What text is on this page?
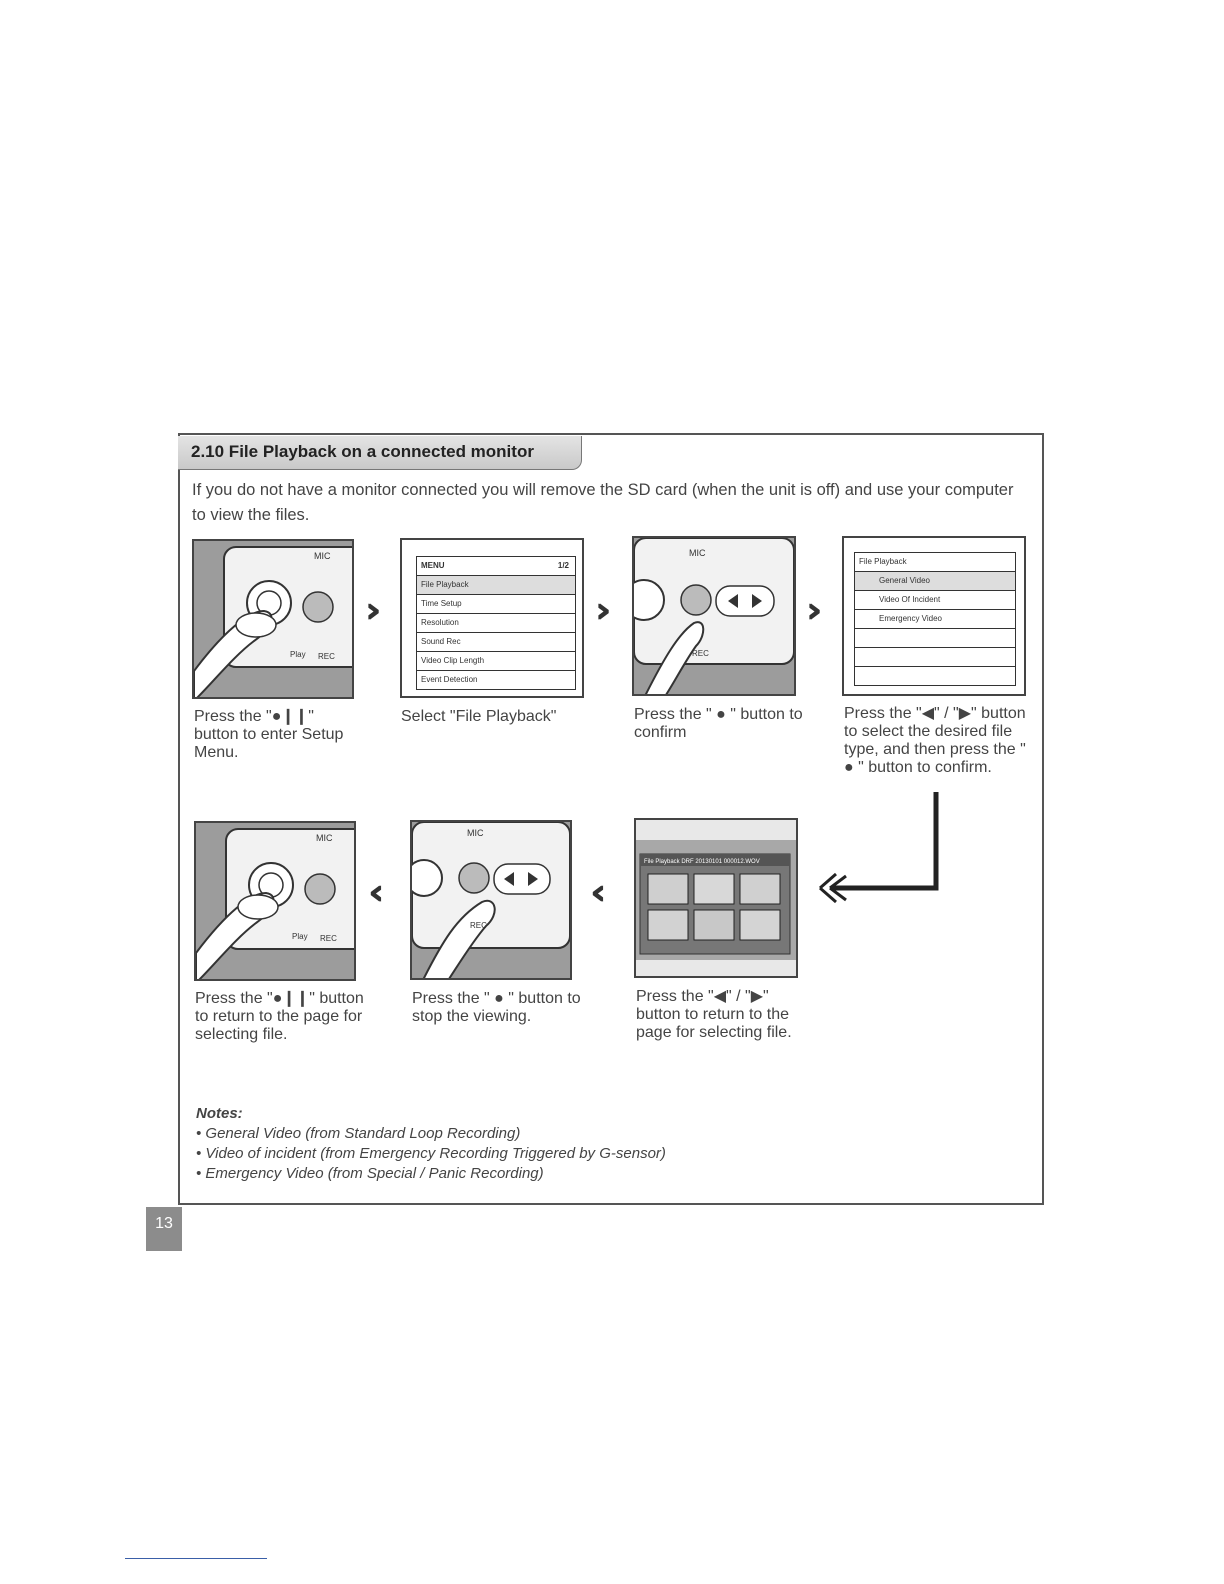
2.10 File Playback on a connected monitor
If you do not have a monitor connected you will remove the SD card (when the unit is off) and use your computer to view the files.
MIC
Play REC
Press the "●❙❙" button to enter Setup Menu.
›››
MENU	1/2
File Playback
Time Setup
Resolution
Sound Rec
Video Clip Length
Event Detection
Select "File Playback"
›››
MIC
REC
Press the " ● " button to confirm
›››
File Playback
General Video
Video Of Incident
Emergency Video
Press the "◀" / "▶" button to select the desired file type, and then press the " ● " button to confirm.
MIC
Play REC
Press the "●❙❙" button to return to the page for selecting file.
‹‹‹
MIC
REC
Press the " ● " button to stop the viewing.
‹‹‹
File Playback DRF 20130101 000012.WOV
Press the "◀" / "▶" button to return to the page for selecting file.
Notes:
• General Video (from Standard Loop Recording)
• Video of incident (from Emergency Recording Triggered by G-sensor)
• Emergency Video (from Special / Panic Recording)
13
